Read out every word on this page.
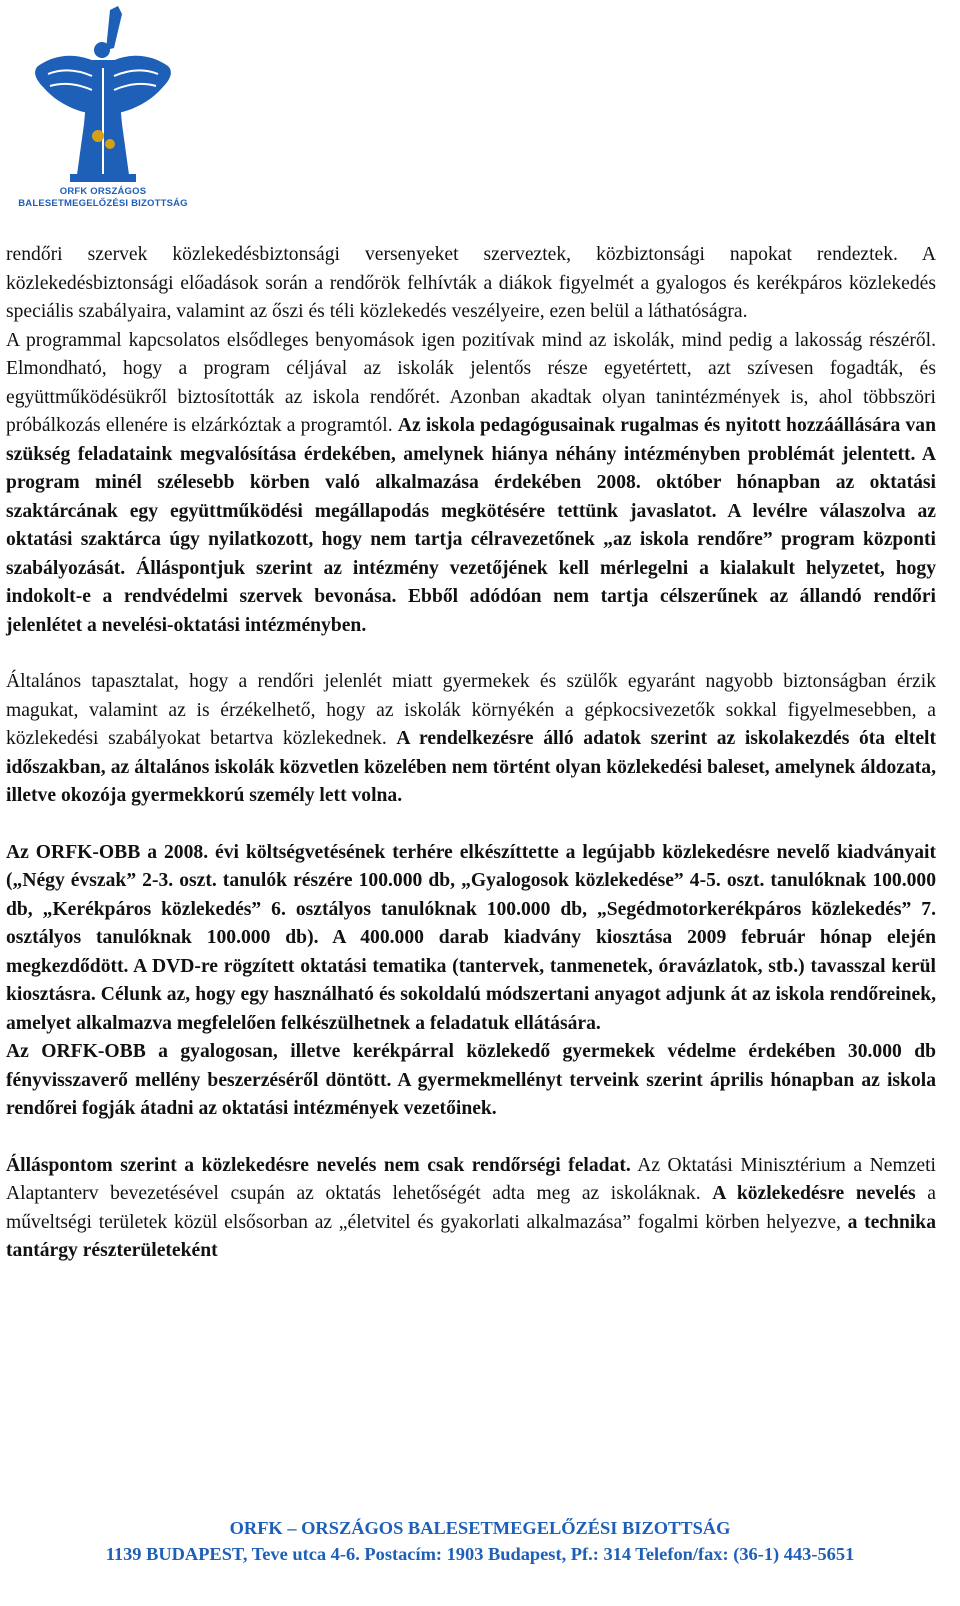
ORFK ORSZÁGOS
BALESETMEGELŐZÉSI BIZOTTSÁG

rendőri szervek közlekedésbiztonsági versenyeket szerveztek, közbiztonsági napokat rendeztek. A közlekedésbiztonsági előadások során a rendőrök felhívták a diákok figyelmét a gyalogos és kerékpáros közlekedés speciális szabályaira, valamint az őszi és téli közlekedés veszélyeire, ezen belül a láthatóságra.

A programmal kapcsolatos elsődleges benyomások igen pozitívak mind az iskolák, mind pedig a lakosság részéről. Elmondható, hogy a program céljával az iskolák jelentős része egyetértett, azt szívesen fogadták, és együttműködésükről biztosították az iskola rendőrét. Azonban akadtak olyan tanintézmények is, ahol többszöri próbálkozás ellenére is elzárkóztak a programtól. Az iskola pedagógusainak rugalmas és nyitott hozzáállására van szükség feladataink megvalósítása érdekében, amelynek hiánya néhány intézményben problémát jelentett. A program minél szélesebb körben való alkalmazása érdekében 2008. október hónapban az oktatási szaktárcának egy együttműködési megállapodás megkötésére tettünk javaslatot. A levélre válaszolva az oktatási szaktárca úgy nyilatkozott, hogy nem tartja célravezetőnek „az iskola rendőre” program központi szabályozását. Álláspontjuk szerint az intézmény vezetőjének kell mérlegelni a kialakult helyzetet, hogy indokolt-e a rendvédelmi szervek bevonása. Ebből adódóan nem tartja célszerűnek az állandó rendőri jelenlétet a nevelési-oktatási intézményben.

Általános tapasztalat, hogy a rendőri jelenlét miatt gyermekek és szülők egyaránt nagyobb biztonságban érzik magukat, valamint az is érzékelhető, hogy az iskolák környékén a gépkocsivezetők sokkal figyelmesebben, a közlekedési szabályokat betartva közlekednek. A rendelkezésre álló adatok szerint az iskolakezdés óta eltelt időszakban, az általános iskolák közvetlen közelében nem történt olyan közlekedési baleset, amelynek áldozata, illetve okozója gyermekkorú személy lett volna.

Az ORFK-OBB a 2008. évi költségvetésének terhére elkészíttette a legújabb közlekedésre nevelő kiadványait („Négy évszak” 2-3. oszt. tanulók részére 100.000 db, „Gyalogosok közlekedése” 4-5. oszt. tanulóknak 100.000 db, „Kerékpáros közlekedés” 6. osztályos tanulóknak 100.000 db, „Segédmotorkerékpáros közlekedés” 7. osztályos tanulóknak 100.000 db). A 400.000 darab kiadvány kiosztása 2009 február hónap elején megkezdődött. A DVD-re rögzített oktatási tematika (tantervek, tanmenetek, óravázlatok, stb.) tavasszal kerül kiosztásra. Célunk az, hogy egy használható és sokoldalú módszertani anyagot adjunk át az iskola rendőreinek, amelyet alkalmazva megfelelően felkészülhetnek a feladatuk ellátására.

Az ORFK-OBB a gyalogosan, illetve kerékpárral közlekedő gyermekek védelme érdekében 30.000 db fényvisszaverő mellény beszerzéséről döntött. A gyermekmellényt terveink szerint április hónapban az iskola rendőrei fogják átadni az oktatási intézmények vezetőinek.

Álláspontom szerint a közlekedésre nevelés nem csak rendőrségi feladat. Az Oktatási Minisztérium a Nemzeti Alaptanterv bevezetésével csupán az oktatás lehetőségét adta meg az iskoláknak. A közlekedésre nevelés a műveltségi területek közül elsősorban az „életvitel és gyakorlati alkalmazása” fogalmi körben helyezve, a technika tantárgy részterületeként

ORFK – ORSZÁGOS BALESETMEGELŐZÉSI BIZOTTSÁG
1139 BUDAPEST, Teve utca 4-6. Postacím: 1903 Budapest, Pf.: 314 Telefon/fax: (36-1) 443-5651
